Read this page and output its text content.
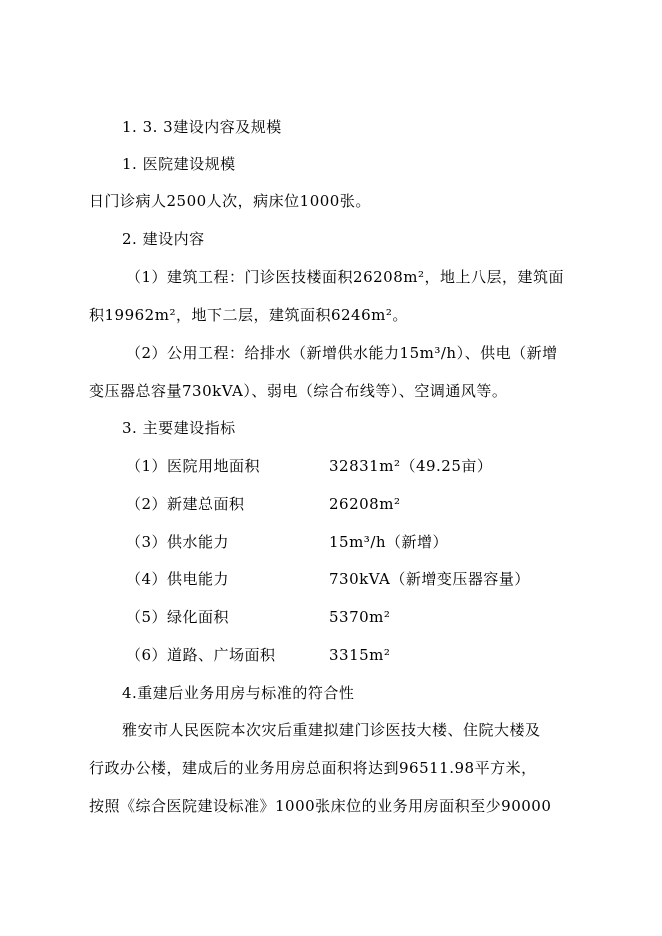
1. 3. 3建设内容及规模
1. 医院建设规模
日门诊病人2500人次，病床位1000张。
2. 建设内容
（1）建筑工程：门诊医技楼面积26208m²，地上八层，建筑面
积19962m²，地下二层，建筑面积6246m²。
（2）公用工程：给排水（新增供水能力15m³/h）、供电（新增
变压器总容量730kVA）、弱电（综合布线等）、空调通风等。
3. 主要建设指标
（1）医院用地面积	32831m²（49.25亩）
（2）新建总面积	26208m²
（3）供水能力	15m³/h（新增）
（4）供电能力	730kVA（新增变压器容量）
（5）绿化面积	5370m²
（6）道路、广场面积	3315m²
4.重建后业务用房与标准的符合性
雅安市人民医院本次灾后重建拟建门诊医技大楼、住院大楼及
行政办公楼，建成后的业务用房总面积将达到96511.98平方米，
按照《综合医院建设标准》1000张床位的业务用房面积至少90000
